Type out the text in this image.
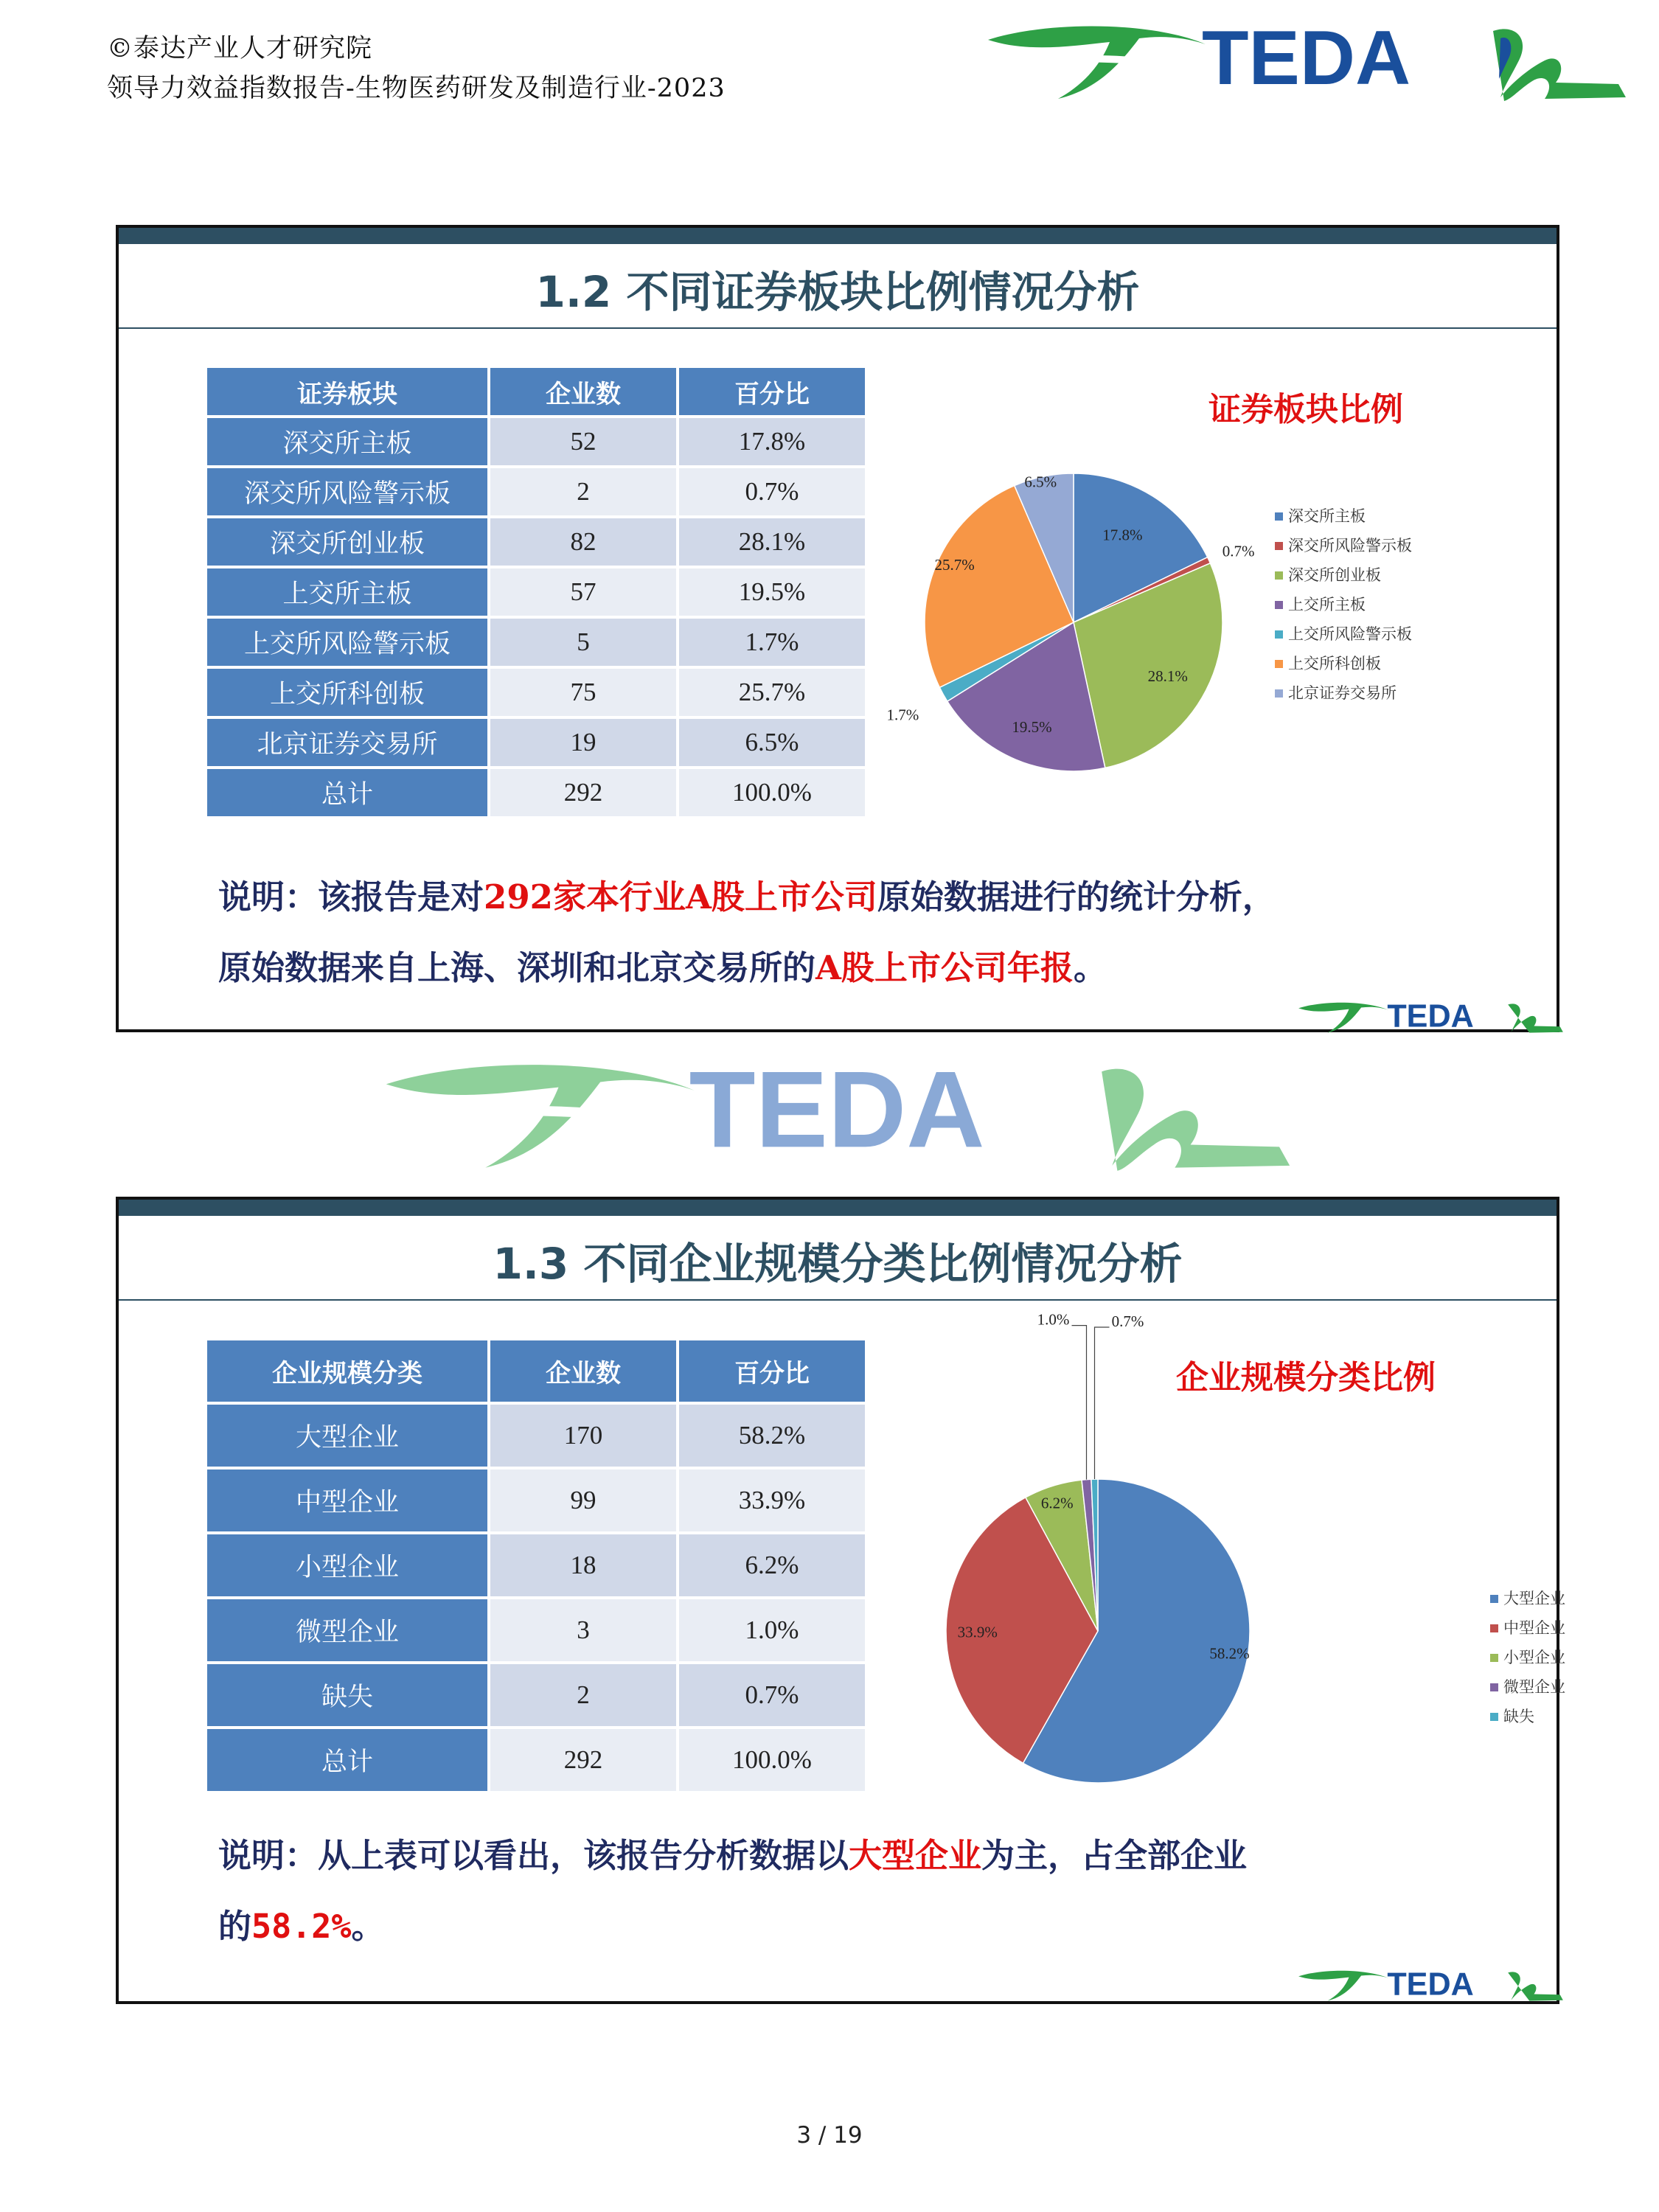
©泰达产业人才研究院
领导力效益指数报告-生物医药研发及制造行业-2023	TEDA
1.2 不同证券板块比例情况分析
证券板块	企业数	百分比
深交所主板	52	17.8%
深交所风险警示板	2	0.7%
深交所创业板	82	28.1%
上交所主板	57	19.5%
上交所风险警示板	5	1.7%
上交所科创板	75	25.7%
北京证券交易所	19	6.5%
总计	292	100.0%
证券板块比例
17.8%
0.7%
28.1%
19.5%
1.7%
25.7%
6.5%
深交所主板
深交所风险警示板
深交所创业板
上交所主板
上交所风险警示板
上交所科创板
北京证券交易所
说明：该报告是对292家本行业A股上市公司原始数据进行的统计分析，
原始数据来自上海、深圳和北京交易所的A股上市公司年报。
TEDA
TEDA
1.3 不同企业规模分类比例情况分析
企业规模分类	企业数	百分比
大型企业	170	58.2%
中型企业	99	33.9%
小型企业	18	6.2%
微型企业	3	1.0%
缺失	2	0.7%
总计	292	100.0%
企业规模分类比例
58.2%
33.9%
6.2%
1.0%	0.7%
大型企业
中型企业
小型企业
微型企业
缺失
说明：从上表可以看出，该报告分析数据以大型企业为主，占全部企业
的58.2%。
TEDA
3 / 19
